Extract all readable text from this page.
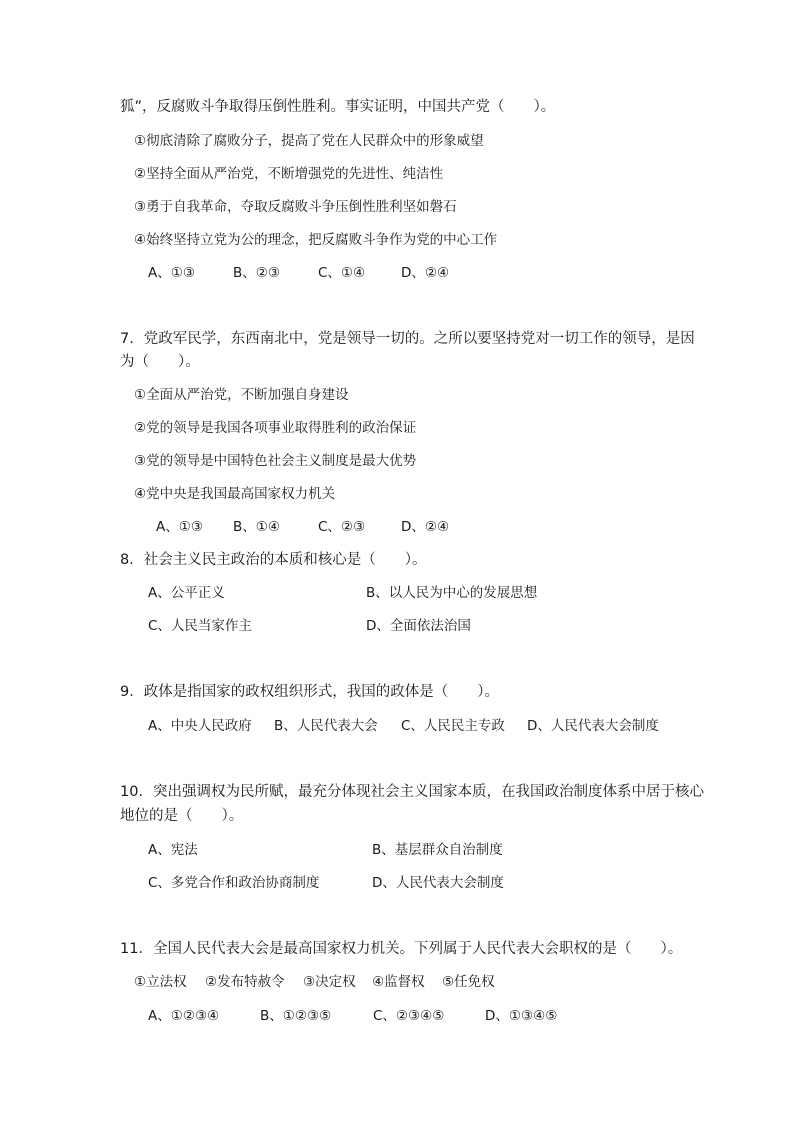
狐”，反腐败斗争取得压倒性胜利。事实证明，中国共产党（　　）。
①彻底清除了腐败分子，提高了党在人民群众中的形象威望
②坚持全面从严治党，不断增强党的先进性、纯洁性
③勇于自我革命，夺取反腐败斗争压倒性胜利坚如磐石
④始终坚持立党为公的理念，把反腐败斗争作为党的中心工作
A、①③	B、②③	C、①④	D、②④
7．党政军民学，东西南北中，党是领导一切的。之所以要坚持党对一切工作的领导，是因
为（　　）。
①全面从严治党，不断加强自身建设
②党的领导是我国各项事业取得胜利的政治保证
③党的领导是中国特色社会主义制度是最大优势
④党中央是我国最高国家权力机关
A、①③ B、①④	C、②③	D、②④
8．社会主义民主政治的本质和核心是（　　）。
A、公平正义	B、以人民为中心的发展思想
C、人民当家作主	D、全面依法治国
9．政体是指国家的政权组织形式，我国的政体是（　　）。
A、中央人民政府 B、人民代表大会 C、人民民主专政 D、人民代表大会制度
10．突出强调权为民所赋，最充分体现社会主义国家本质，在我国政治制度体系中居于核心
地位的是（　　）。
A、宪法	B、基层群众自治制度
C、多党合作和政治协商制度	D、人民代表大会制度
11．全国人民代表大会是最高国家权力机关。下列属于人民代表大会职权的是（　　）。
①立法权 ②发布特赦令 ③决定权 ④监督权 ⑤任免权
A、①②③④	B、①②③⑤	C、②③④⑤	D、①③④⑤
